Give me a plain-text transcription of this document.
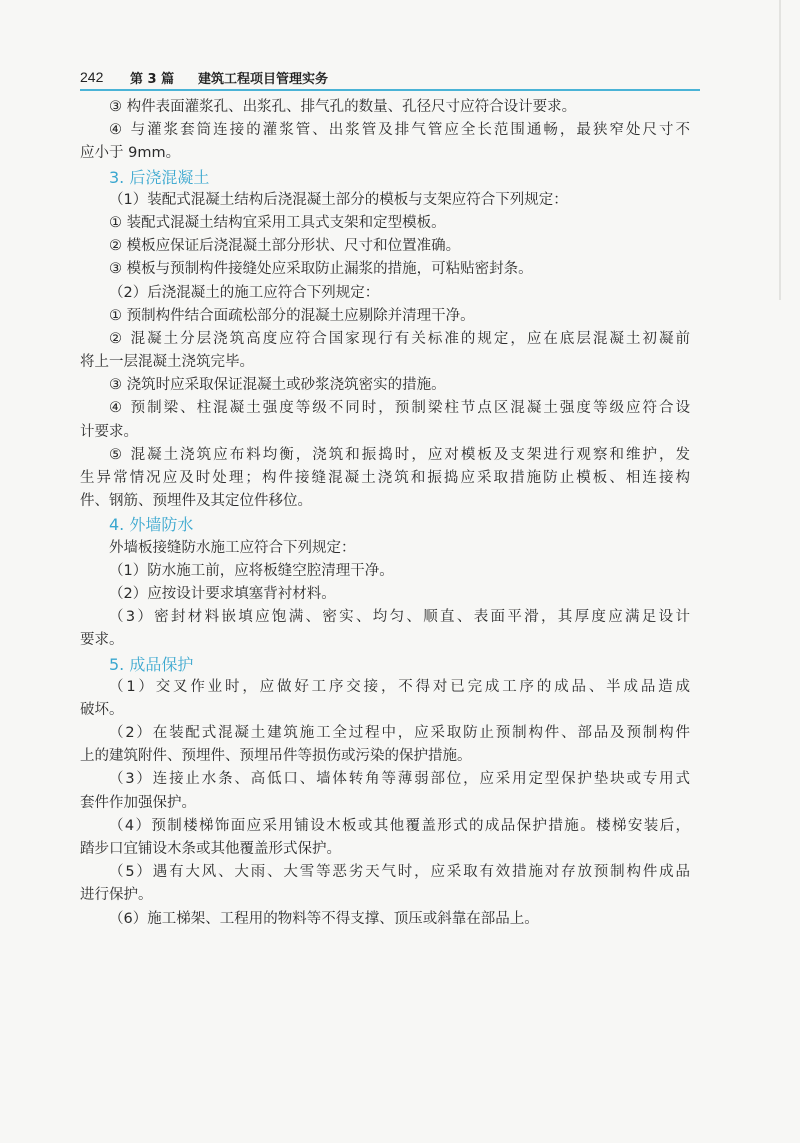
242 第 3 篇 建筑工程项目管理实务
③ 构件表面灌浆孔、出浆孔、排气孔的数量、孔径尺寸应符合设计要求。
④ 与灌浆套筒连接的灌浆管、出浆管及排气管应全长范围通畅，最狭窄处尺寸不
应小于 9mm。
3. 后浇混凝土
（1）装配式混凝土结构后浇混凝土部分的模板与支架应符合下列规定：
① 装配式混凝土结构宜采用工具式支架和定型模板。
② 模板应保证后浇混凝土部分形状、尺寸和位置准确。
③ 模板与预制构件接缝处应采取防止漏浆的措施，可粘贴密封条。
（2）后浇混凝土的施工应符合下列规定：
① 预制构件结合面疏松部分的混凝土应剔除并清理干净。
② 混凝土分层浇筑高度应符合国家现行有关标准的规定，应在底层混凝土初凝前
将上一层混凝土浇筑完毕。
③ 浇筑时应采取保证混凝土或砂浆浇筑密实的措施。
④ 预制梁、柱混凝土强度等级不同时，预制梁柱节点区混凝土强度等级应符合设
计要求。
⑤ 混凝土浇筑应布料均衡，浇筑和振捣时，应对模板及支架进行观察和维护，发
生异常情况应及时处理；构件接缝混凝土浇筑和振捣应采取措施防止模板、相连接构
件、钢筋、预埋件及其定位件移位。
4. 外墙防水
外墙板接缝防水施工应符合下列规定：
（1）防水施工前，应将板缝空腔清理干净。
（2）应按设计要求填塞背衬材料。
（3）密封材料嵌填应饱满、密实、均匀、顺直、表面平滑，其厚度应满足设计
要求。
5. 成品保护
（1）交叉作业时，应做好工序交接，不得对已完成工序的成品、半成品造成
破坏。
（2）在装配式混凝土建筑施工全过程中，应采取防止预制构件、部品及预制构件
上的建筑附件、预埋件、预埋吊件等损伤或污染的保护措施。
（3）连接止水条、高低口、墙体转角等薄弱部位，应采用定型保护垫块或专用式
套件作加强保护。
（4）预制楼梯饰面应采用铺设木板或其他覆盖形式的成品保护措施。楼梯安装后，
踏步口宜铺设木条或其他覆盖形式保护。
（5）遇有大风、大雨、大雪等恶劣天气时，应采取有效措施对存放预制构件成品
进行保护。
（6）施工梯架、工程用的物料等不得支撑、顶压或斜靠在部品上。
